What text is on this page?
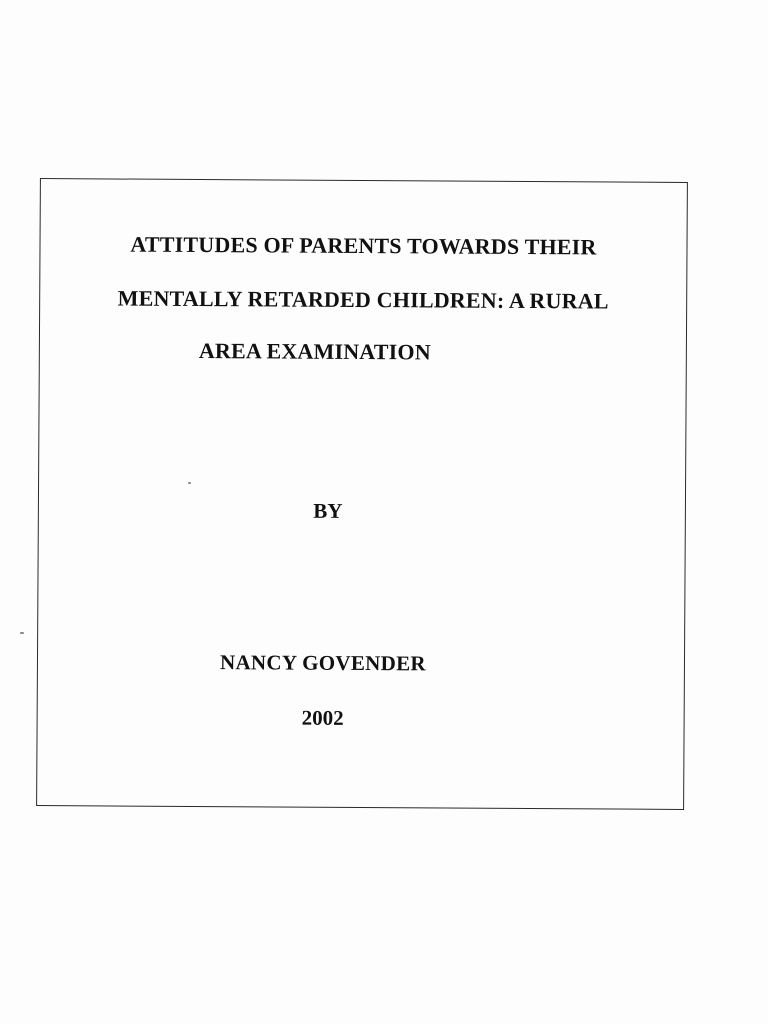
ATTITUDES OF PARENTS TOWARDS THEIR
MENTALLY RETARDED CHILDREN: A RURAL
AREA EXAMINATION
BY
NANCY GOVENDER
2002
